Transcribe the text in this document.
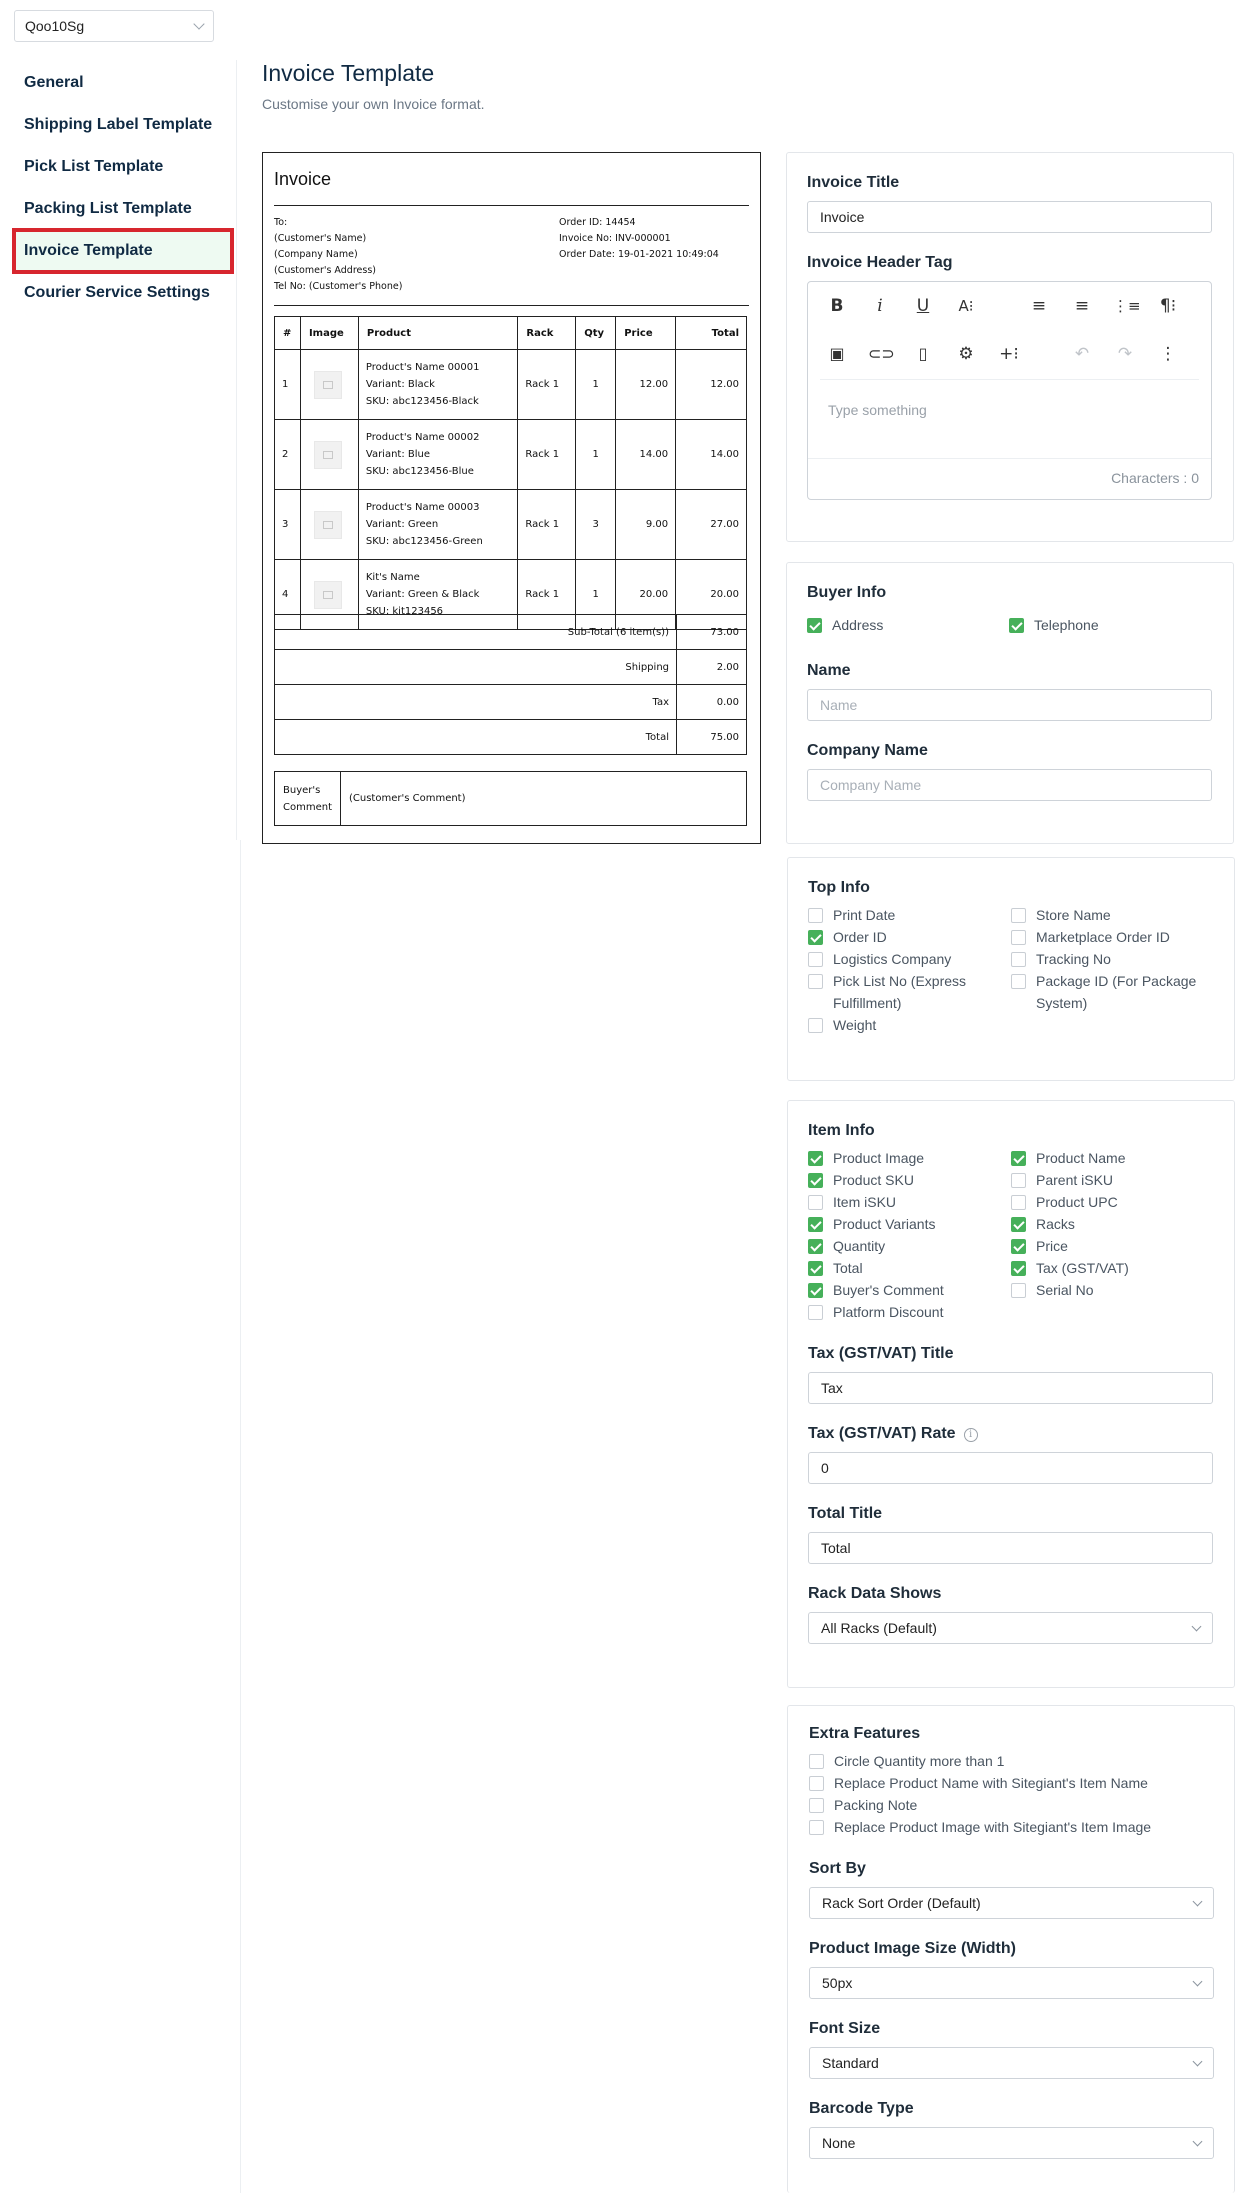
Qoo10Sg
General
Shipping Label Template
Pick List Template
Packing List Template
Invoice Template
Courier Service Settings
Invoice Template
Customise your own Invoice format.
Invoice
To:
(Customer's Name)
(Company Name)
(Customer's Address)
Tel No: (Customer's Phone)
Order ID: 14454
Invoice No: INV-000001
Order Date: 19-01-2021 10:49:04
#	Image	Product	Rack	Qty	Price	Total
1		Product's Name 00001
Variant: Black
SKU: abc123456-Black	Rack 1	1	12.00	12.00
2		Product's Name 00002
Variant: Blue
SKU: abc123456-Blue	Rack 1	1	14.00	14.00
3		Product's Name 00003
Variant: Green
SKU: abc123456-Green	Rack 1	3	9.00	27.00
4		Kit's Name
Variant: Green & Black
SKU: kit123456	Rack 1	1	20.00	20.00
Sub-Total (6 item(s))	73.00
Shipping	2.00
Tax	0.00
Total	75.00
Buyer's
Comment
	(Customer's Comment)
Invoice Title
Invoice
Invoice Header Tag
B	i	U	A⁝	≡ ≡	⋮≡ ¶⁝
▣ ⊂⊃	▯	⚙ +⁝	↶ ↷ ⋮
Type something
Characters : 0
Buyer Info
Address	Telephone
Name
Name
Company Name
Company Name
Top Info
Print Date	Store Name
Order ID	Marketplace Order ID
Logistics Company	Tracking No
Pick List No (Express Fulfillment)
Package ID (For Package System)
Weight
Item Info
Product Image	Product Name
Product SKU	Parent iSKU
Item iSKU	Product UPC
Product Variants	Racks
Quantity	Price
Total	Tax (GST/VAT)
Buyer's Comment	Serial No
Platform Discount
Tax (GST/VAT) Title
Tax
Tax (GST/VAT) Rate i
0
Total Title
Total
Rack Data Shows
All Racks (Default)
Extra Features
Circle Quantity more than 1
Replace Product Name with Sitegiant's Item Name
Packing Note
Replace Product Image with Sitegiant's Item Image
Sort By
Rack Sort Order (Default)
Product Image Size (Width)
50px
Font Size
Standard
Barcode Type
None
